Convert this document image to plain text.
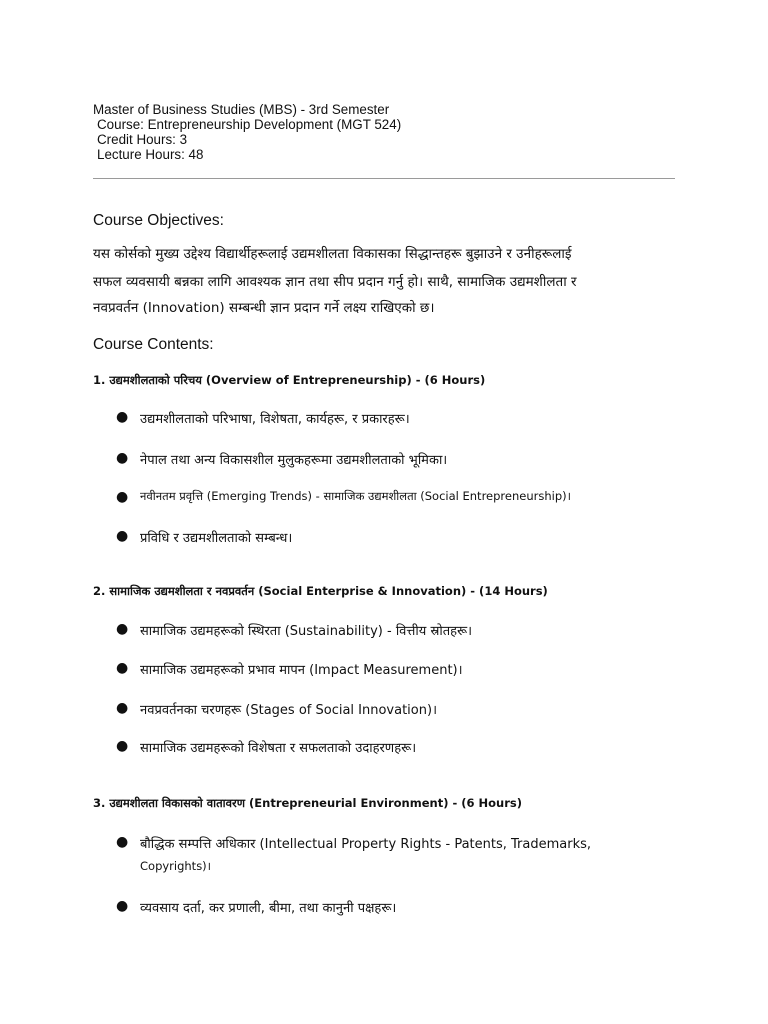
Master of Business Studies (MBS) - 3rd Semester
Course: Entrepreneurship Development (MGT 524)
Credit Hours: 3
Lecture Hours: 48
Course Objectives:
यस कोर्सको मुख्य उद्देश्य विद्यार्थीहरूलाई उद्यमशीलता विकासका सिद्धान्तहरू बुझाउने र उनीहरूलाई
सफल व्यवसायी बन्नका लागि आवश्यक ज्ञान तथा सीप प्रदान गर्नु हो। साथै, सामाजिक उद्यमशीलता र
नवप्रवर्तन (Innovation) सम्बन्धी ज्ञान प्रदान गर्ने लक्ष्य राखिएको छ।
Course Contents:
1. उद्यमशीलताको परिचय (Overview of Entrepreneurship) - (6 Hours)
● उद्यमशीलताको परिभाषा, विशेषता, कार्यहरू, र प्रकारहरू।
● नेपाल तथा अन्य विकासशील मुलुकहरूमा उद्यमशीलताको भूमिका।
● नवीनतम प्रवृत्ति (Emerging Trends) - सामाजिक उद्यमशीलता (Social Entrepreneurship)।
● प्रविधि र उद्यमशीलताको सम्बन्ध।
2. सामाजिक उद्यमशीलता र नवप्रवर्तन (Social Enterprise & Innovation) - (14 Hours)
● सामाजिक उद्यमहरूको स्थिरता (Sustainability) - वित्तीय स्रोतहरू।
● सामाजिक उद्यमहरूको प्रभाव मापन (Impact Measurement)।
● नवप्रवर्तनका चरणहरू (Stages of Social Innovation)।
● सामाजिक उद्यमहरूको विशेषता र सफलताको उदाहरणहरू।
3. उद्यमशीलता विकासको वातावरण (Entrepreneurial Environment) - (6 Hours)
● बौद्धिक सम्पत्ति अधिकार (Intellectual Property Rights - Patents, Trademarks,
Copyrights)।
● व्यवसाय दर्ता, कर प्रणाली, बीमा, तथा कानुनी पक्षहरू।
